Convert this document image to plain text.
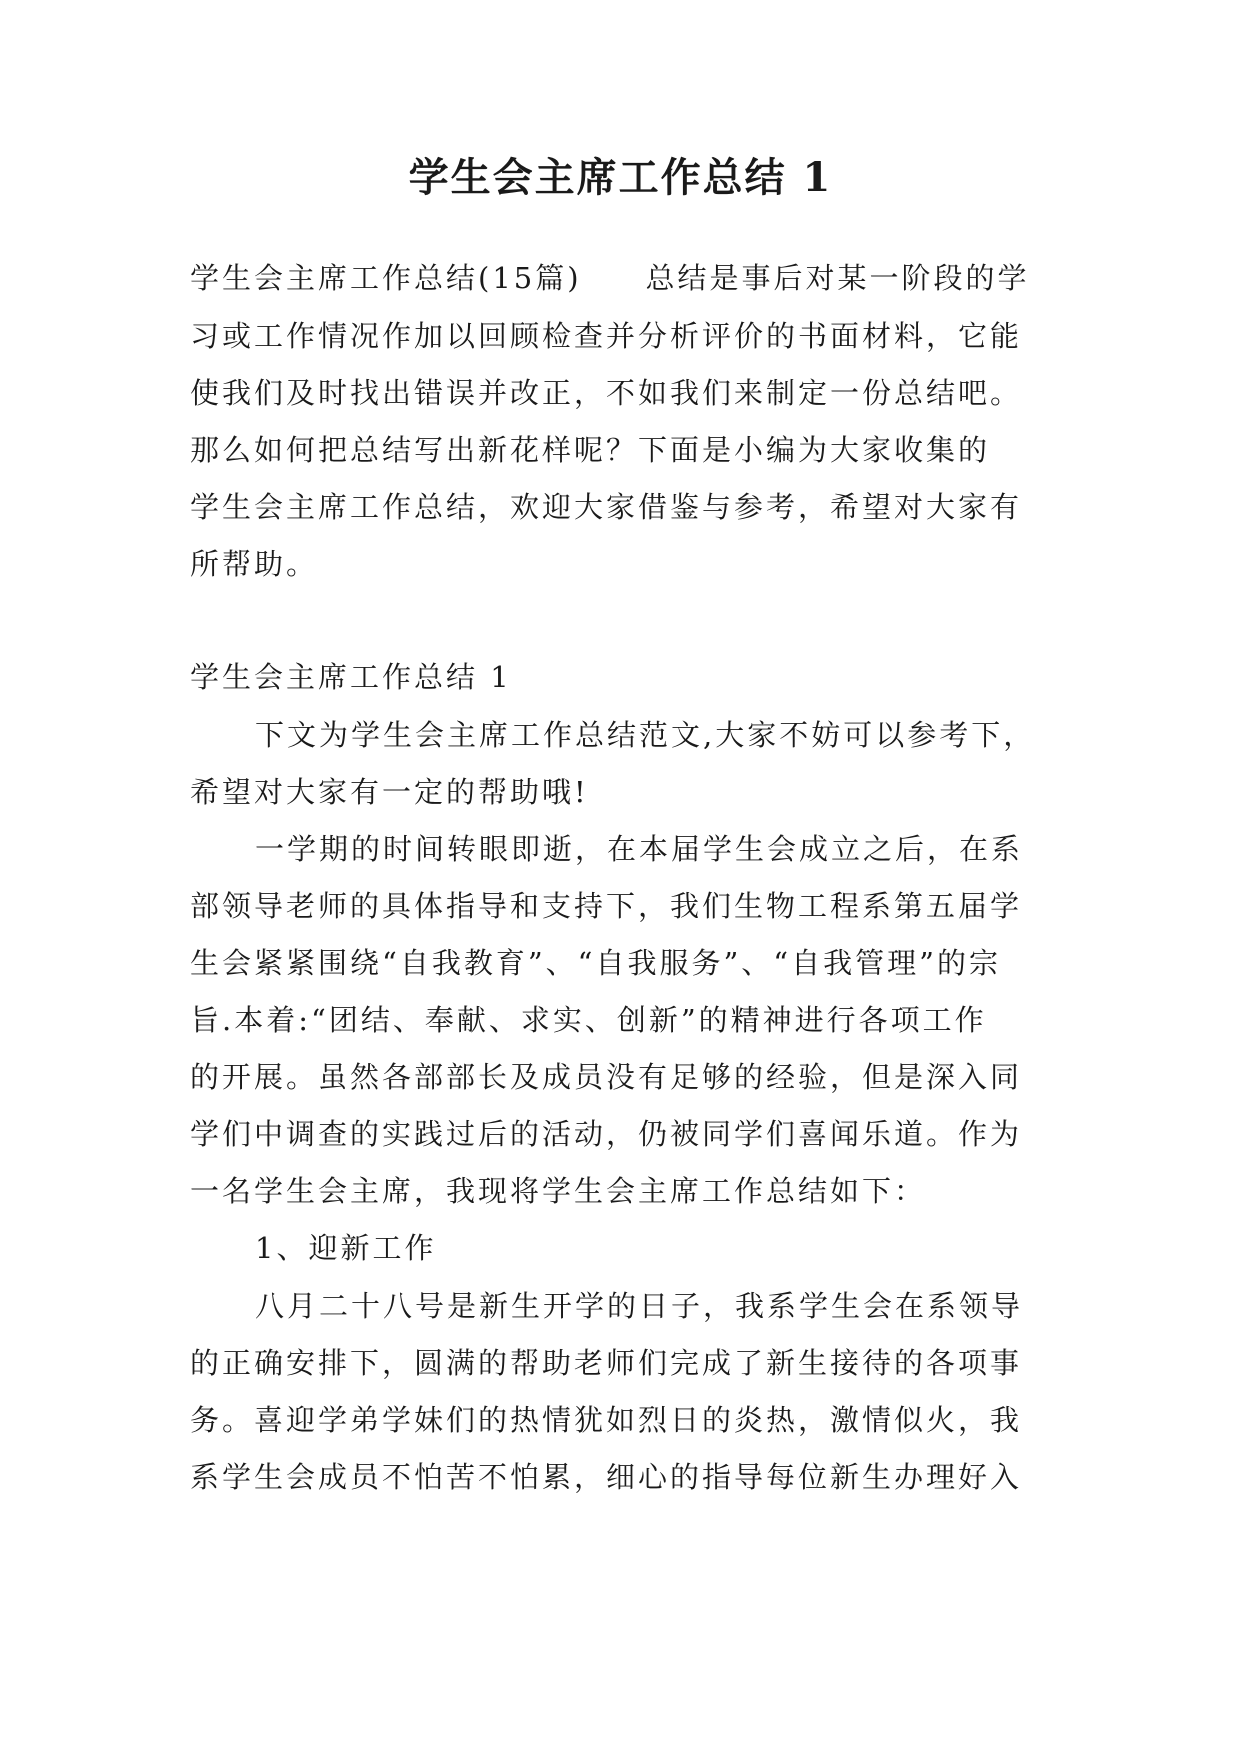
学生会主席工作总结 1
学生会主席工作总结(15篇)　　总结是事后对某一阶段的学
习或工作情况作加以回顾检查并分析评价的书面材料，它能
使我们及时找出错误并改正，不如我们来制定一份总结吧。
那么如何把总结写出新花样呢？下面是小编为大家收集的
学生会主席工作总结，欢迎大家借鉴与参考，希望对大家有
所帮助。
学生会主席工作总结 1
下文为学生会主席工作总结范文,大家不妨可以参考下，
希望对大家有一定的帮助哦!
一学期的时间转眼即逝，在本届学生会成立之后，在系
部领导老师的具体指导和支持下，我们生物工程系第五届学
生会紧紧围绕“自我教育”、“自我服务”、“自我管理”的宗
旨.本着:“团结、奉献、求实、创新”的精神进行各项工作
的开展。虽然各部部长及成员没有足够的经验，但是深入同
学们中调查的实践过后的活动，仍被同学们喜闻乐道。作为
一名学生会主席，我现将学生会主席工作总结如下：
1、迎新工作
八月二十八号是新生开学的日子，我系学生会在系领导
的正确安排下，圆满的帮助老师们完成了新生接待的各项事
务。喜迎学弟学妹们的热情犹如烈日的炎热，激情似火，我
系学生会成员不怕苦不怕累，细心的指导每位新生办理好入
